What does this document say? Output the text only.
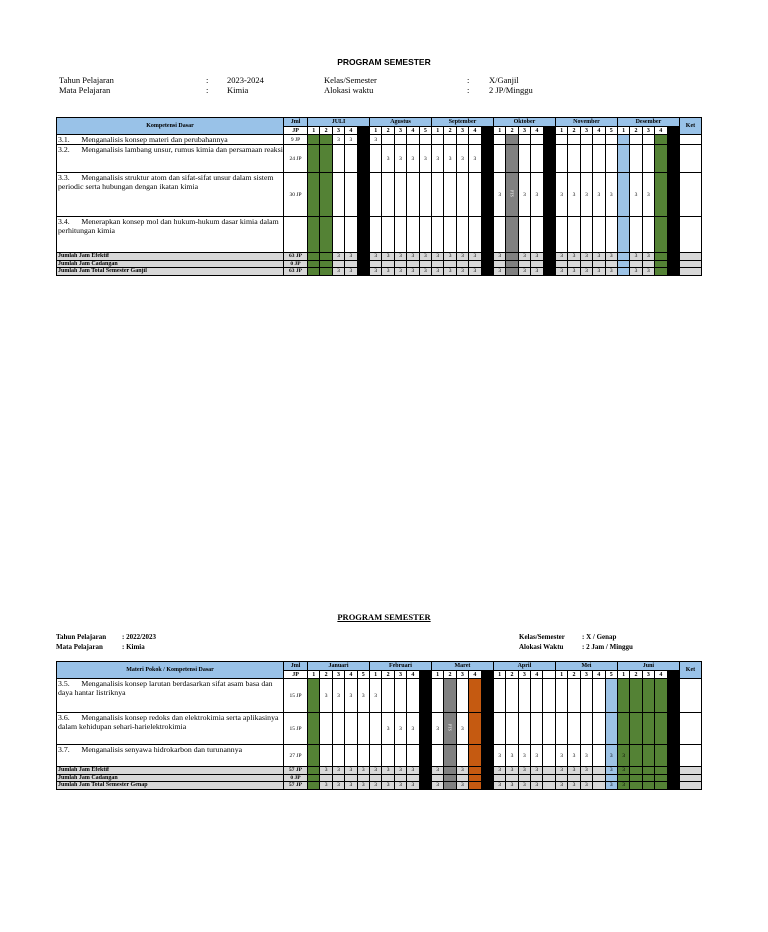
PROGRAM SEMESTER
Tahun Pelajaran	: 2023-2024
Mata Pelajaran	: Kimia
Kelas/Semester	: X/Ganjil
Alokasi waktu	: 2 JP/Minggu
Kompetensi Dasar	Jml	JULI					Agustus					September					Oktober					November					Desember					Ket
	JP	1	2	3	4		1	2	3	4	5	1	2	3	4		1	2	3	4		1	2	3	4	5	1	2	3	4		
3.1. Menganalisis konsep materi dan perubahannya	9 JP			3	3		3																									
3.2. Menganalisis lambang unsur, rumus kimia dan persamaan reaksi	24 JP							3	3	3	3	3	3	3	3																	
3.3. Menganalisis struktur atom dan sifat-sifat unsur dalam sistem periodic serta hubungan dengan ikatan kimia	30 JP																3	PTS	3	3		3	3	3	3	3		3	3			
3.4. Menerapkan konsep mol dan hukum-hukum dasar kimia dalam perhitungan kimia																																
Jumlah Jam Efektif	63 JP			3	3		3	3	3	3	3	3	3	3	3		3		3	3		3	3	3	3	3		3	3			
Jumlah Jam Cadangan	0 JP																															
Jumlah Jam Total Semester Ganjil	63 JP			3	3		3	3	3	3	3	3	3	3	3		3		3	3		3	3	3	3	3		3	3			
PROGRAM SEMESTER
Tahun Pelajaran : 2022/2023
Mata Pelajaran	: Kimia
Kelas/Semester : X / Genap
Alokasi Waktu	: 2 Jam / Minggu
Materi Pokok / Kompetensi Dasar	Jml	Januari					Februari					Maret					April					Mei					Juni					Ket
	JP	1	2	3	4	5	1	2	3	4		1	2	3	4		1	2	3	4		1	2	3	4	5	1	2	3	4		
3.5. Menganalisis konsep larutan berdasarkan sifat asam basa dan daya hantar listriknya	15 JP		3	3	3	3	3																									
3.6. Menganalisis konsep redoks dan elektrokimia serta aplikasinya dalam kehidupan sehari-harielektrokimia	15 JP							3	3	3		3	PTS	3																		
3.7. Menganalisis senyawa hidrokarbon dan turunannya	27 JP																3	3	3	3		3	3	3		3	3					
Jumlah Jam Efektif	57 JP		3	3	3	3	3	3	3	3		3		3			3	3	3	3		3	3	3		3	3					
Jumlah Jam Cadangan	0 JP																															
Jumlah Jam Total Semester Genap	57 JP		3	3	3	3	3	3	3	3		3		3			3	3	3	3		3	3	3		3	3					
